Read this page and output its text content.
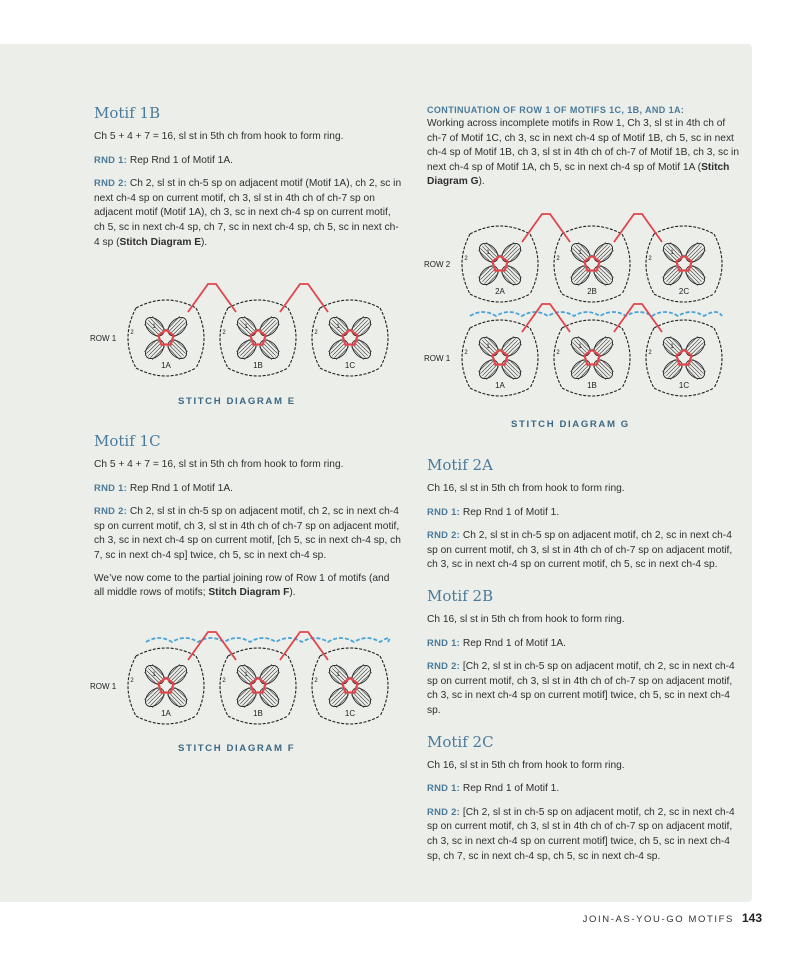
Motif 1B

Ch 5 + 4 + 7 = 16, sl st in 5th ch from hook to form ring.

RND 1: Rep Rnd 1 of Motif 1A.

RND 2: Ch 2, sl st in ch-5 sp on adjacent motif (Motif 1A), ch 2, sc in next ch-4 sp on current motif, ch 3, sl st in 4th ch of ch-7 sp on adjacent motif (Motif 1A), ch 3, sc in next ch-4 sp on current motif, ch 5, sc in next ch-4 sp, ch 7, sc in next ch-4 sp, ch 5, sc in next ch-4 sp (Stitch Diagram E).

Motif 1C

Ch 5 + 4 + 7 = 16, sl st in 5th ch from hook to form ring.

RND 1: Rep Rnd 1 of Motif 1A.

RND 2: Ch 2, sl st in ch-5 sp on adjacent motif, ch 2, sc in next ch-4 sp on current motif, ch 3, sl st in 4th ch of ch-7 sp on adjacent motif, ch 3, sc in next ch-4 sp on current motif, [ch 5, sc in next ch-4 sp, ch 7, sc in next ch-4 sp] twice, ch 5, sc in next ch-4 sp.

We’ve now come to the partial joining row of Row 1 of motifs (and all middle rows of motifs; Stitch Diagram F).

CONTINUATION OF ROW 1 OF MOTIFS 1C, 1B, AND 1A:
Working across incomplete motifs in Row 1, Ch 3, sl st in 4th ch of ch-7 of Motif 1C, ch 3, sc in next ch-4 sp of Motif 1B, ch 5, sc in next ch-4 sp of Motif 1B, ch 3, sl st in 4th ch of ch-7 of Motif 1B, ch 3, sc in next ch-4 sp of Motif 1A, ch 5, sc in next ch-4 sp of Motif 1A (Stitch Diagram G).

Motif 2A

Ch 16, sl st in 5th ch from hook to form ring.

RND 1: Rep Rnd 1 of Motif 1.

RND 2: Ch 2, sl st in ch-5 sp on adjacent motif, ch 2, sc in next ch-4 sp on current motif, ch 3, sl st in 4th ch of ch-7 sp on adjacent motif, ch 3, sc in next ch-4 sp on current motif, ch 5, sc in next ch-4 sp.

Motif 2B

Ch 16, sl st in 5th ch from hook to form ring.

RND 1: Rep Rnd 1 of Motif 1A.

RND 2: [Ch 2, sl st in ch-5 sp on adjacent motif, ch 2, sc in next ch-4 sp on current motif, ch 3, sl st in 4th ch of ch-7 sp on adjacent motif, ch 3, sc in next ch-4 sp on current motif] twice, ch 5, sc in next ch-4 sp.

Motif 2C

Ch 16, sl st in 5th ch from hook to form ring.

RND 1: Rep Rnd 1 of Motif 1.

RND 2: [Ch 2, sl st in ch-5 sp on adjacent motif, ch 2, sc in next ch-4 sp on current motif, ch 3, sl st in 4th ch of ch-7 sp on adjacent motif, ch 3, sc in next ch-4 sp on current motif] twice, ch 5, sc in next ch-4 sp, ch 7, sc in next ch-4 sp, ch 5, sc in next ch-4 sp.

1A
2
1
1B
2
1
1C
2
1
ROW 1
STITCH DIAGRAM E
1A
2
1
1B
2
1
1C
2
1
ROW 1
STITCH DIAGRAM F
2A
2
1
2B
2
1
2C
2
1
ROW 2
1A
2
1
1B
2
1
1C
2
1
ROW 1
STITCH DIAGRAM G
JOIN-AS-YOU-GO MOTIFS 143
